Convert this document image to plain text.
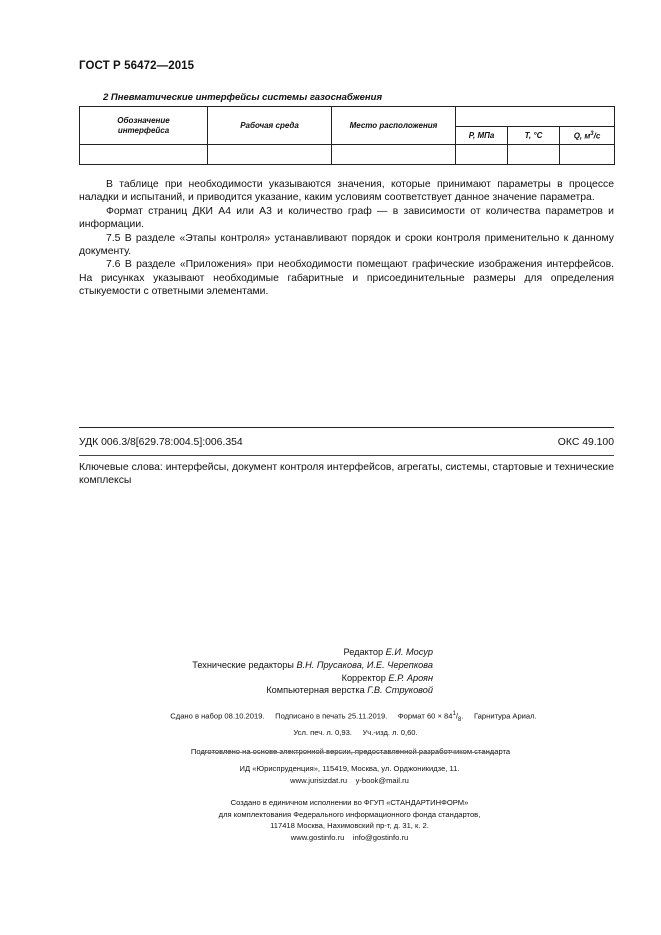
ГОСТ Р 56472—2015
2 Пневматические интерфейсы системы газоснабжения
Обозначение интерфейса	Рабочая среда	Место расположения			
			P, МПа	T, °C	Q, $м^3/с$

В таблице при необходимости указываются значения, которые принимают параметры в процессе наладки и испытаний, и приводится указание, каким условиям соответствует данное значение параметра.

Формат страниц ДКИ А4 или А3 и количество граф — в зависимости от количества параметров и информации.

7.5 В разделе «Этапы контроля» устанавливают порядок и сроки контроля применительно к данному документу.

7.6 В разделе «Приложения» при необходимости помещают графические изображения интерфейсов. На рисунках указывают необходимые габаритные и присоединительные размеры для определения стыкуемости с ответными элементами.

УДК 006.3/8[629.78:004.5]:006.354	ОКС 49.100
Ключевые слова: интерфейсы, документ контроля интерфейсов, агрегаты, системы, стартовые и технические комплексы
Редактор Е.И. Мосур
Технические редакторы В.Н. Прусакова, И.Е. Черепкова
Корректор Е.Р. Ароян
Компьютерная верстка Г.В. Струковой
Сдано в набор 08.10.2019. Подписано в печать 25.11.2019. Формат $60 \times 84^1/_8$. Гарнитура Ариал.
Усл. печ. л. 0,93. Уч.-изд. л. 0,60.
Подготовлено на основе электронной версии, предоставленной разработчиком стандарта
ИД «Юриспруденция», 115419, Москва, ул. Орджоникидзе, 11.
www.jurisizdat.ru y-book@mail.ru
Создано в единичном исполнении во ФГУП «СТАНДАРТИНФОРМ»
для комплектования Федерального информационного фонда стандартов,
117418 Москва, Нахимовский пр-т, д. 31, к. 2.
www.gostinfo.ru info@gostinfo.ru
